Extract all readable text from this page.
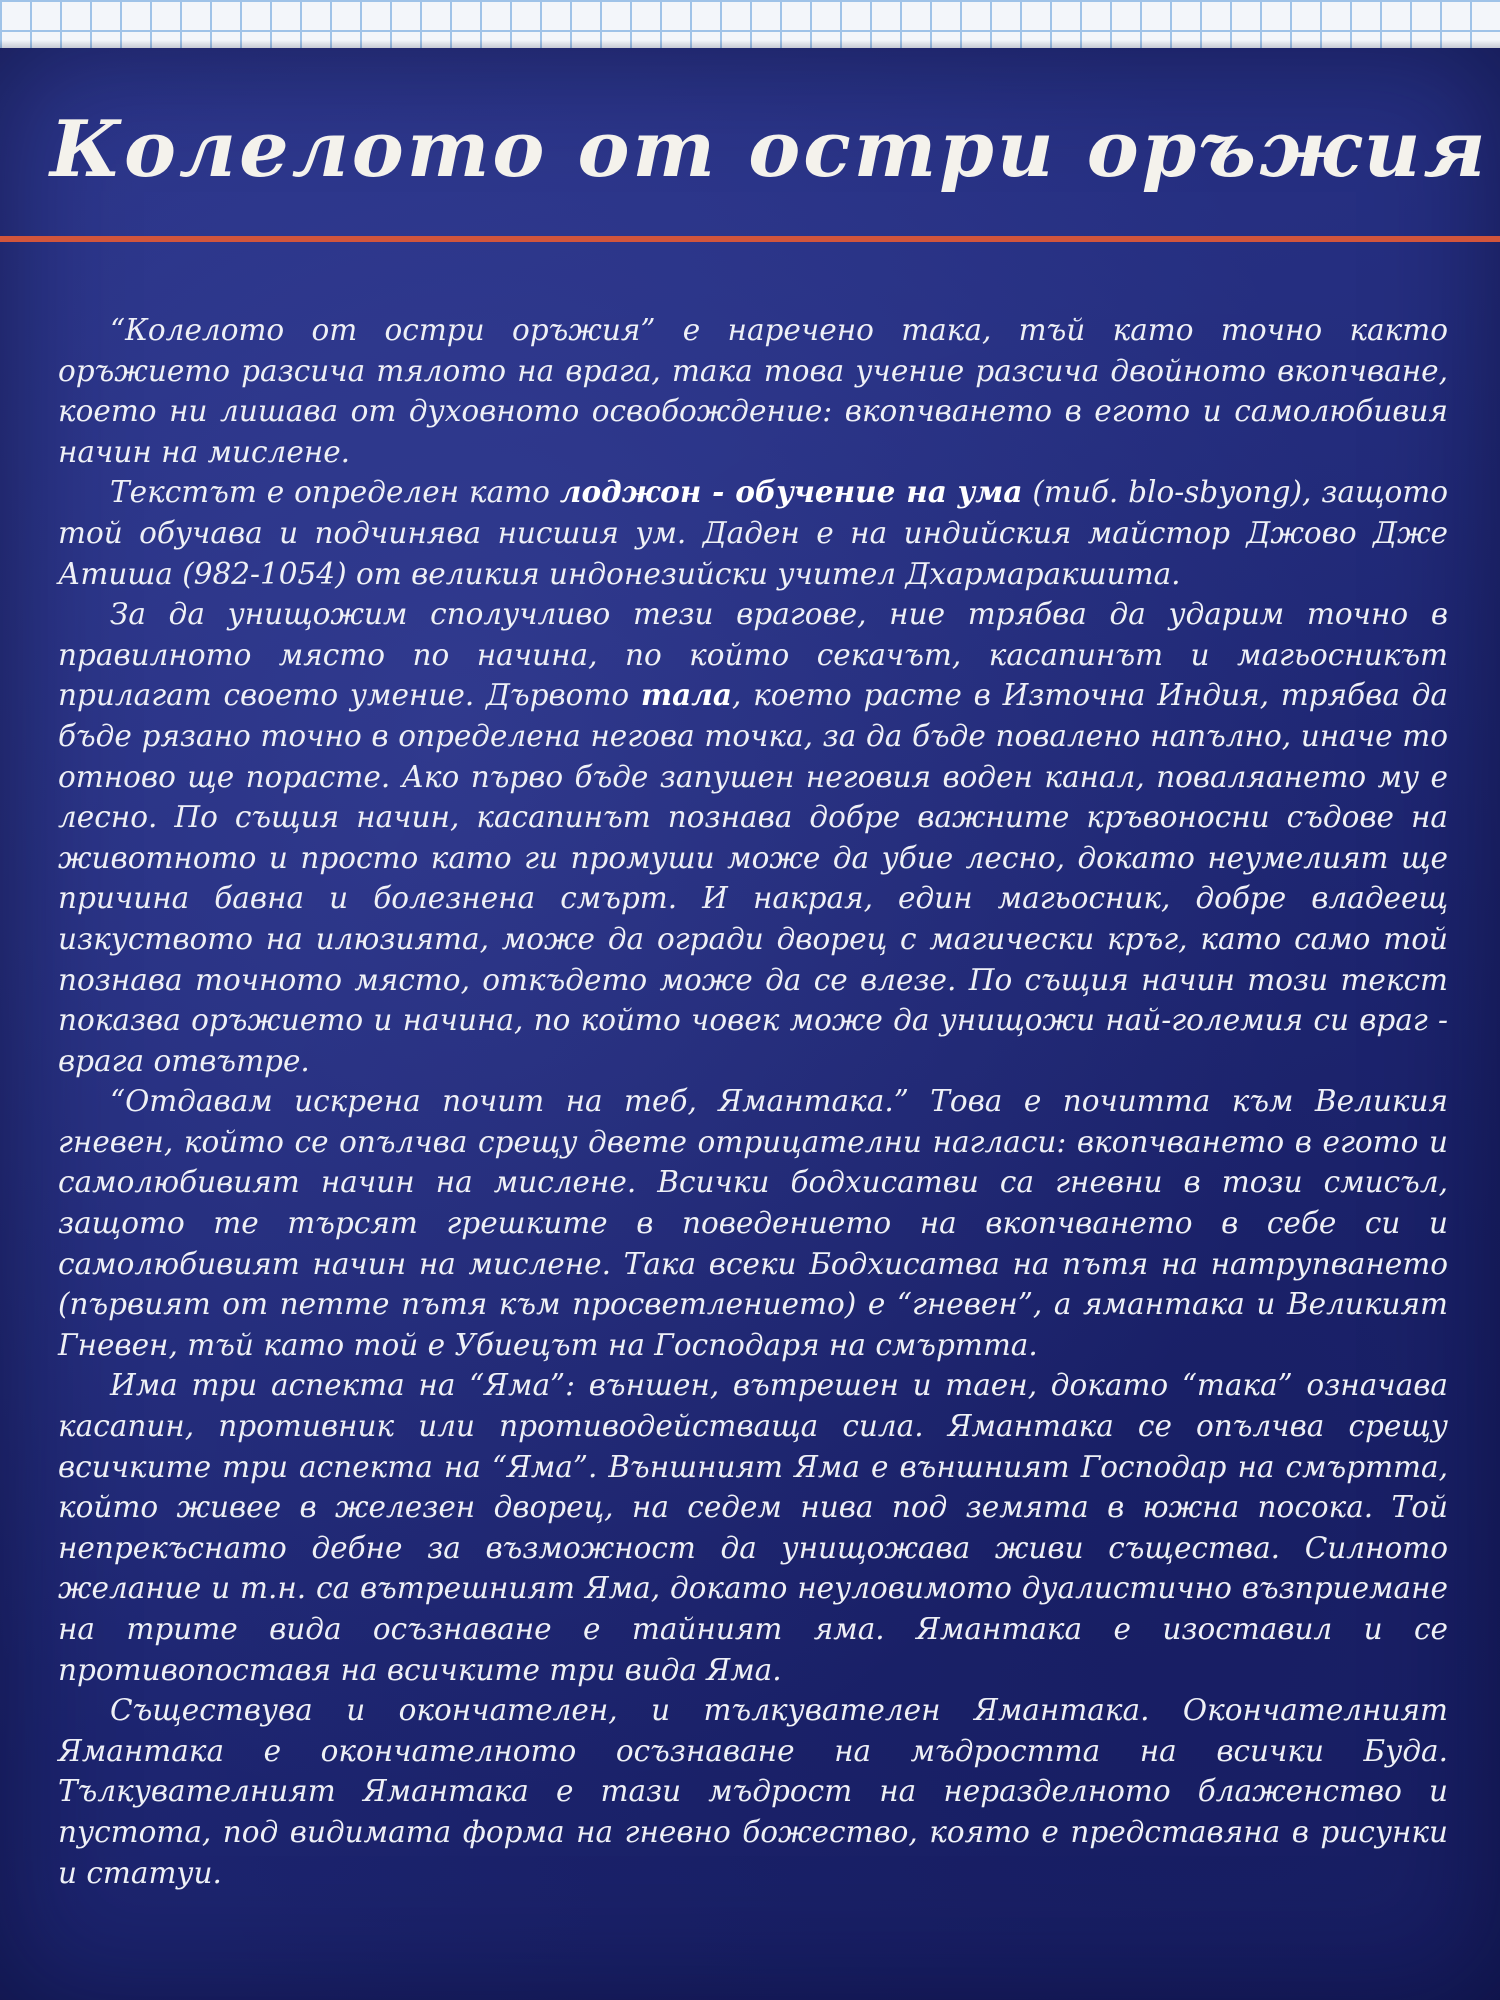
Колелото от остри оръжия

“Колелото от остри оръжия” е наречено така, тъй като точно както оръжието разсича тялото на врага, така това учение разсича двойното вкопчване, което ни лишава от духовното освобождение: вкопчването в егото и самолюбивия начин на мислене.

Текстът е определен като лоджон - обучение на ума (тиб. blo-sbyong), защото той обучава и подчинява нисшия ум. Даден е на индийския майстор Джово Дже Атиша (982-1054) от великия индонезийски учител Дхармаракшита.

За да унищожим сполучливо тези врагове, ние трябва да ударим точно в правилното място по начина, по който секачът, касапинът и магьосникът прилагат своето умение. Дървото тала, което расте в Източна Индия, трябва да бъде рязано точно в определена негова точка, за да бъде повалено напълно, иначе то отново ще порасте. Ако първо бъде запушен неговия воден канал, поваляането му е лесно. По същия начин, касапинът познава добре важните кръвоносни съдове на животното и просто като ги промуши може да убие лесно, докато неумелият ще причина бавна и болезнена смърт. И накрая, един магьосник, добре владеещ изкуството на илюзията, може да огради дворец с магически кръг, като само той познава точното място, откъдето може да се влезе. По същия начин този текст показва оръжието и начина, по който човек може да унищожи най-големия си враг - врага отвътре.

“Отдавам искрена почит на теб, Ямантака.” Това е почитта към Великия гневен, който се опълчва срещу двете отрицателни нагласи: вкопчването в егото и самолюбивият начин на мислене. Всички бодхисатви са гневни в този смисъл, защото те търсят грешките в поведението на вкопчването в себе си и самолюбивият начин на мислене. Така всеки Бодхисатва на пътя на натрупването (първият от петте пътя към просветлението) е “гневен”, а ямантака и Великият Гневен, тъй като той е Убиецът на Господаря на смъртта.

Има три аспекта на “Яма”: външен, вътрешен и таен, докато “така” означава касапин, противник или противодействаща сила. Ямантака се опълчва срещу всичките три аспекта на “Яма”. Външният Яма е външният Господар на смъртта, който живее в железен дворец, на седем нива под земята в южна посока. Той непрекъснато дебне за възможност да унищожава живи същества. Силното желание и т.н. са вътрешният Яма, докато неуловимото дуалистично възприемане на трите вида осъзнаване е тайният яма. Ямантака е изоставил и се противопоставя на всичките три вида Яма.

Съществува и окончателен, и тълкувателен Ямантака. Окончателният Ямантака е окончателното осъзнаване на мъдростта на всички Буда. Тълкувателният Ямантака е тази мъдрост на неразделното блаженство и пустота, под видимата форма на гневно божество, която е представяна в рисунки и статуи.
